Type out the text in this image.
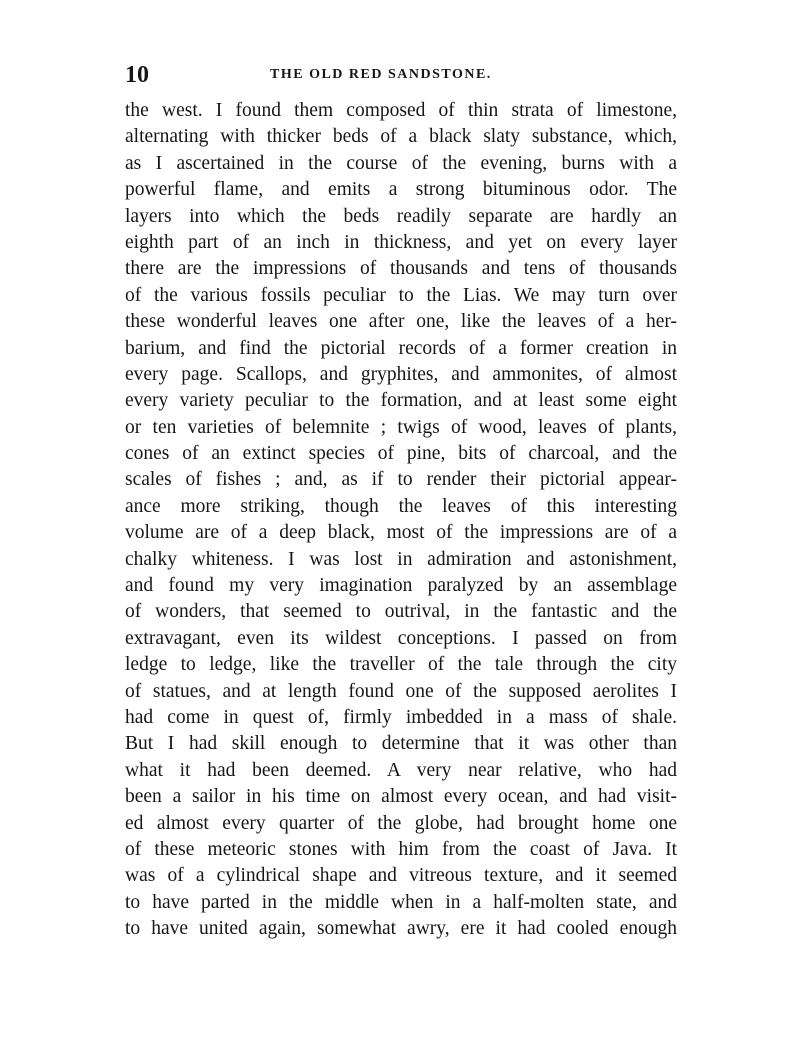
10	THE OLD RED SANDSTONE.
the west. I found them composed of thin strata of limestone,
alternating with thicker beds of a black slaty substance, which,
as I ascertained in the course of the evening, burns with a
powerful flame, and emits a strong bituminous odor. The
layers into which the beds readily separate are hardly an
eighth part of an inch in thickness, and yet on every layer
there are the impressions of thousands and tens of thousands
of the various fossils peculiar to the Lias. We may turn over
these wonderful leaves one after one, like the leaves of a her-
barium, and find the pictorial records of a former creation in
every page. Scallops, and gryphites, and ammonites, of almost
every variety peculiar to the formation, and at least some eight
or ten varieties of belemnite ; twigs of wood, leaves of plants,
cones of an extinct species of pine, bits of charcoal, and the
scales of fishes ; and, as if to render their pictorial appear-
ance more striking, though the leaves of this interesting
volume are of a deep black, most of the impressions are of a
chalky whiteness. I was lost in admiration and astonishment,
and found my very imagination paralyzed by an assemblage
of wonders, that seemed to outrival, in the fantastic and the
extravagant, even its wildest conceptions. I passed on from
ledge to ledge, like the traveller of the tale through the city
of statues, and at length found one of the supposed aerolites I
had come in quest of, firmly imbedded in a mass of shale.
But I had skill enough to determine that it was other than
what it had been deemed. A very near relative, who had
been a sailor in his time on almost every ocean, and had visit-
ed almost every quarter of the globe, had brought home one
of these meteoric stones with him from the coast of Java. It
was of a cylindrical shape and vitreous texture, and it seemed
to have parted in the middle when in a half-molten state, and
to have united again, somewhat awry, ere it had cooled enough
